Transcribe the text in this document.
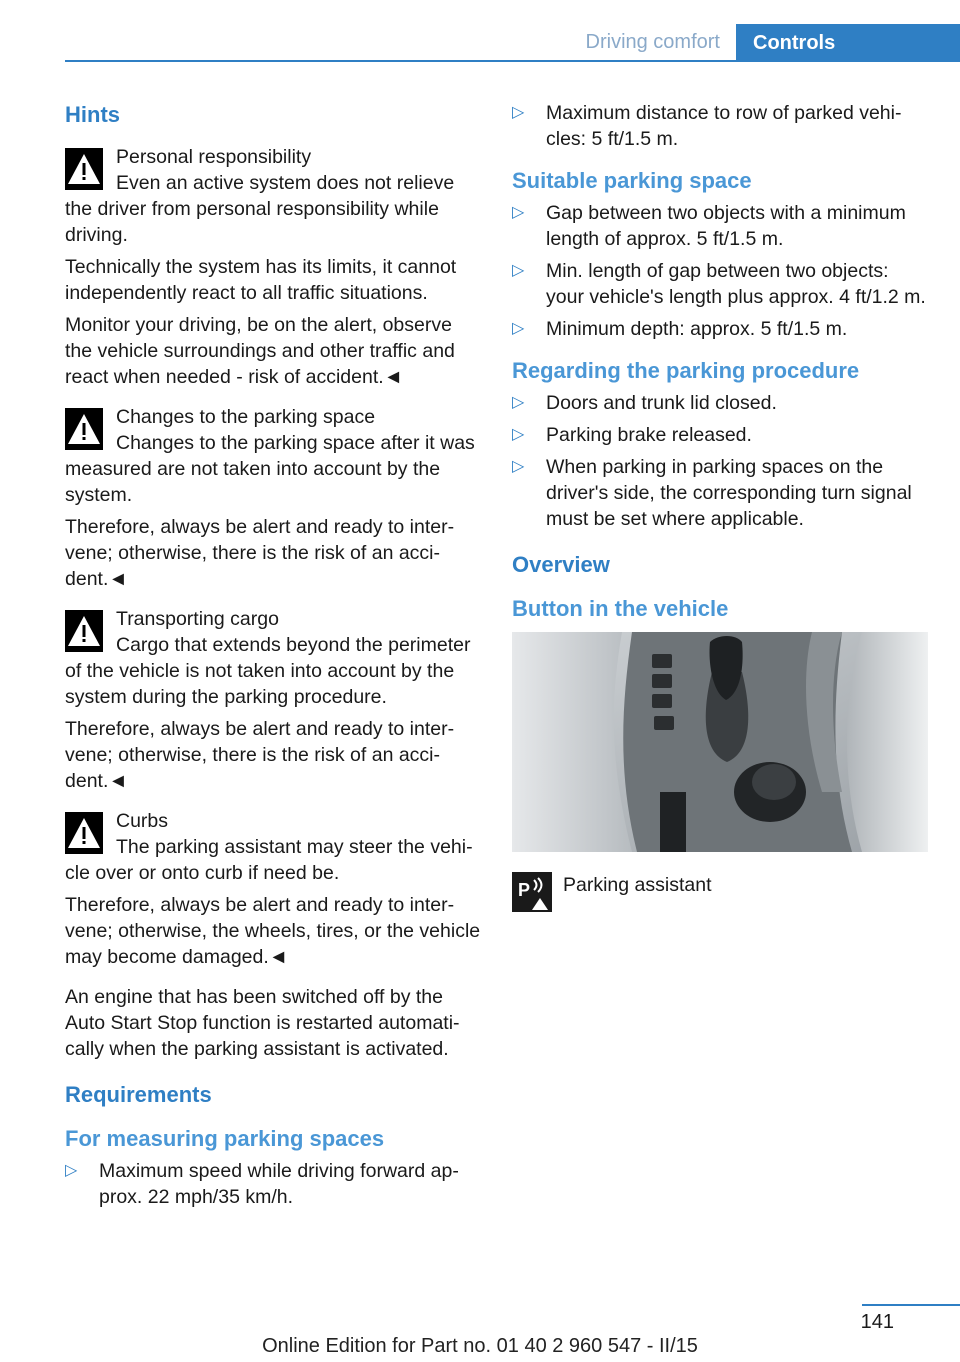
Driving comfort	Controls
Hints
Personal responsibility

Even an active system does not relieve the driver from personal responsibility while driving.

Technically the system has its limits, it cannot independently react to all traffic situations.

Monitor your driving, be on the alert, observe the vehicle surroundings and other traffic and react when needed - risk of accident.◄

Changes to the parking space

Changes to the parking space after it was measured are not taken into account by the system.

Therefore, always be alert and ready to intervene; otherwise, there is the risk of an accident.◄

Transporting cargo

Cargo that extends beyond the perimeter of the vehicle is not taken into account by the system during the parking procedure.

Therefore, always be alert and ready to intervene; otherwise, there is the risk of an accident.◄

Curbs

The parking assistant may steer the vehicle over or onto curb if need be.

Therefore, always be alert and ready to intervene; otherwise, the wheels, tires, or the vehicle may become damaged.◄

An engine that has been switched off by the Auto Start Stop function is restarted automatically when the parking assistant is activated.

Requirements
For measuring parking spaces
▷ Maximum speed while driving forward approx. 22 mph/35 km/h.
▷ Maximum distance to row of parked vehicles: 5 ft/1.5 m.
Suitable parking space
▷ Gap between two objects with a minimum length of approx. 5 ft/1.5 m.
▷ Min. length of gap between two objects: your vehicle's length plus approx. 4 ft/1.2 m.
▷ Minimum depth: approx. 5 ft/1.5 m.
Regarding the parking procedure
▷ Doors and trunk lid closed.
▷ Parking brake released.
▷ When parking in parking spaces on the driver's side, the corresponding turn signal must be set where applicable.
Overview
Button in the vehicle
P	Parking assistant
141
Online Edition for Part no. 01 40 2 960 547 - II/15
